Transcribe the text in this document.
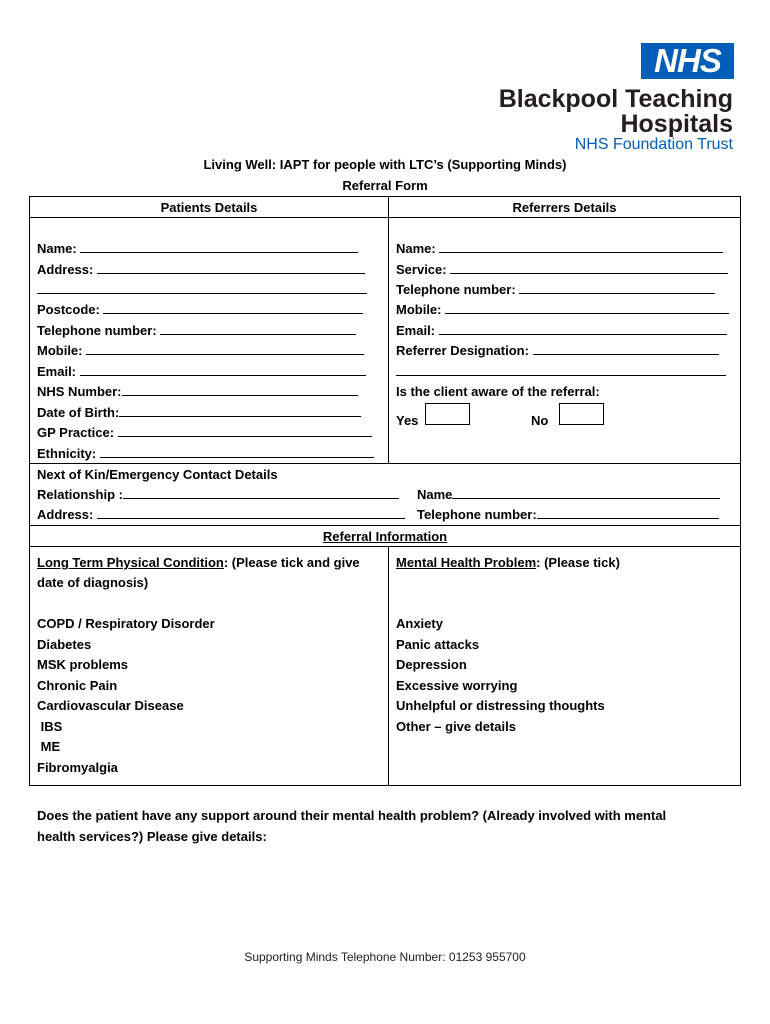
NHS
Blackpool Teaching
Hospitals
NHS Foundation Trust
Living Well: IAPT for people with LTC’s (Supporting Minds)
Referral Form
Patients Details	Referrers Details
Name:
Address:
Postcode:
Telephone number:
Mobile:
Email:
NHS Number:
Date of Birth:
GP Practice:
Ethnicity:
Name:
Service:
Telephone number:
Mobile:
Email:
Referrer Designation:
Is the client aware of the referral:
Yes	No
Next of Kin/Emergency Contact Details
Relationship :
Address:
Name
Telephone number:
Referral Information
Long Term Physical Condition: (Please tick and give
date of diagnosis)
COPD / Respiratory Disorder
Diabetes
MSK problems
Chronic Pain
Cardiovascular Disease
IBS
ME
Fibromyalgia
Mental Health Problem: (Please tick)
Anxiety
Panic attacks
Depression
Excessive worrying
Unhelpful or distressing thoughts
Other – give details
Does the patient have any support around their mental health problem? (Already involved with mental
health services?) Please give details:
Supporting Minds Telephone Number: 01253 955700
